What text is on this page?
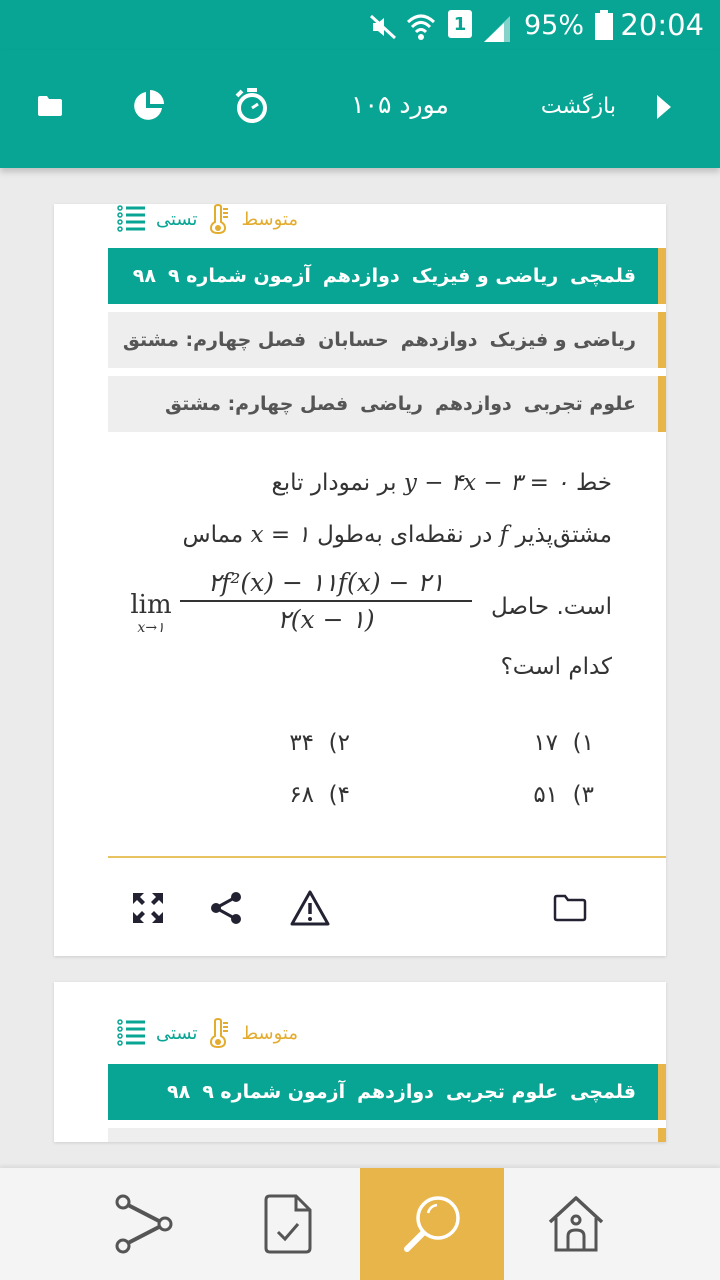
1 95% 20:04
۱۰۵ مورد	بازگشت
تستی متوسط
قلمچیریاضی و فیزیکدوازدهمآزمون شماره ۹۹۸
ریاضی و فیزیکدوازدهمحسابانفصل چهارم: مشتق
علوم تجربیدوازدهمریاضیفصل چهارم: مشتق
خط y − ۴x − ۳ = ۰ بر نمودار تابع
مشتق‌پذیر f در نقطه‌ای به‌طول x = ۱ مماس
است. حاصل
کدام است؟
lim
x→۱
۲f²(x) − ۱۱f(x) − ۲۱
۲(x − ۱)
۱)  ۱۷
۲)  ۳۴
۳)  ۵۱
۴)  ۶۸
تستی متوسط
قلمچیعلوم تجربیدوازدهمآزمون شماره ۹۹۸
